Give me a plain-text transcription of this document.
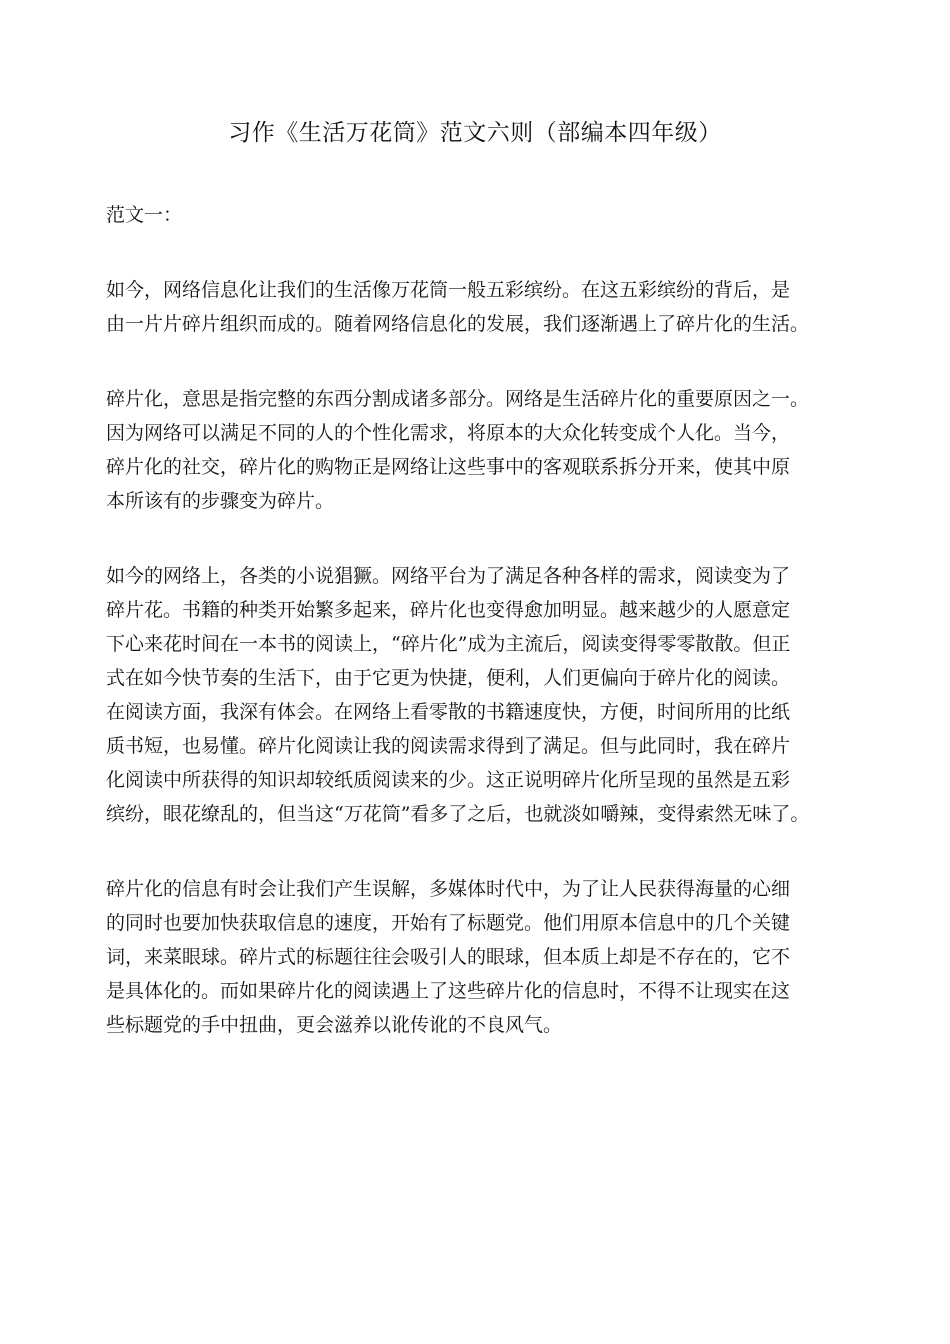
习作《生活万花筒》范文六则（部编本四年级）
范文一：
如今，网络信息化让我们的生活像万花筒一般五彩缤纷。在这五彩缤纷的背后，是
由一片片碎片组织而成的。随着网络信息化的发展，我们逐渐遇上了碎片化的生活。
碎片化，意思是指完整的东西分割成诸多部分。网络是生活碎片化的重要原因之一。
因为网络可以满足不同的人的个性化需求，将原本的大众化转变成个人化。当今，
碎片化的社交，碎片化的购物正是网络让这些事中的客观联系拆分开来，使其中原
本所该有的步骤变为碎片。
如今的网络上，各类的小说猖獗。网络平台为了满足各种各样的需求，阅读变为了
碎片花。书籍的种类开始繁多起来，碎片化也变得愈加明显。越来越少的人愿意定
下心来花时间在一本书的阅读上，“碎片化”成为主流后，阅读变得零零散散。但正
式在如今快节奏的生活下，由于它更为快捷，便利，人们更偏向于碎片化的阅读。
在阅读方面，我深有体会。在网络上看零散的书籍速度快，方便，时间所用的比纸
质书短，也易懂。碎片化阅读让我的阅读需求得到了满足。但与此同时，我在碎片
化阅读中所获得的知识却较纸质阅读来的少。这正说明碎片化所呈现的虽然是五彩
缤纷，眼花缭乱的，但当这“万花筒”看多了之后，也就淡如嚼辣，变得索然无味了。
碎片化的信息有时会让我们产生误解，多媒体时代中，为了让人民获得海量的心细
的同时也要加快获取信息的速度，开始有了标题党。他们用原本信息中的几个关键
词，来菜眼球。碎片式的标题往往会吸引人的眼球，但本质上却是不存在的，它不
是具体化的。而如果碎片化的阅读遇上了这些碎片化的信息时，不得不让现实在这
些标题党的手中扭曲，更会滋养以讹传讹的不良风气。
